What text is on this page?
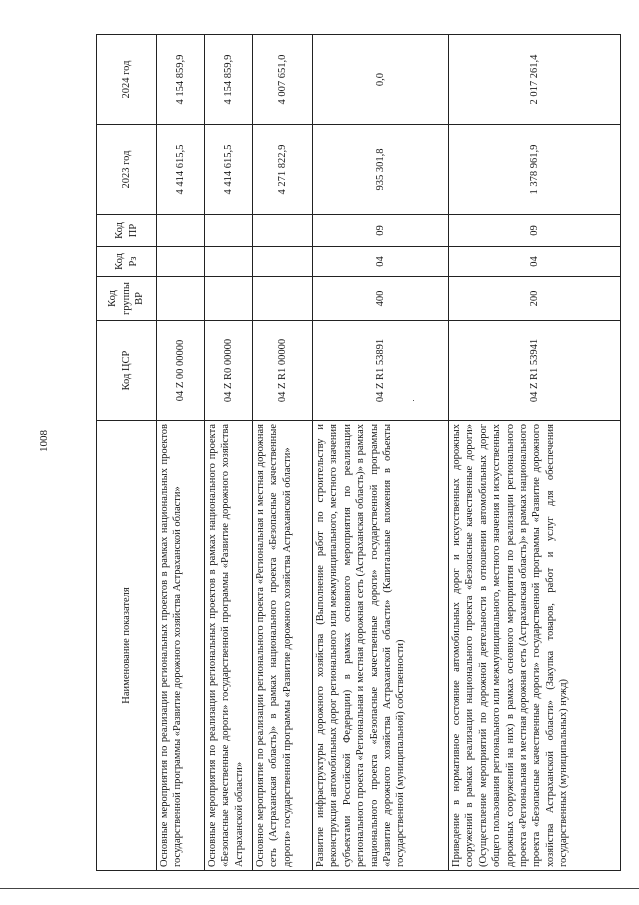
1008
Наименование показателя	Код ЦСР	Код группы ВР	Код Рз	Код ПР	2023 год	2024 год
Основные мероприятия по реализации региональных проектов в рамках национальных проектов государственной программы «Развитие дорожного хозяйства Астраханской области»	04 Z 00 00000				4 414 615,5	4 154 859,9
Основные мероприятия по реализации региональных проектов в рамках национального проекта «Безопасные качественные дороги» государственной программы «Развитие дорожного хозяйства Астраханской области»	04 Z R0 00000				4 414 615,5	4 154 859,9
Основное мероприятие по реализации регионального проекта «Региональная и местная дорожная сеть (Астраханская область)» в рамках национального проекта «Безопасные качественные дороги» государственной программы «Развитие дорожного хозяйства Астраханской области»	04 Z R1 00000				4 271 822,9	4 007 651,0
Развитие инфраструктуры дорожного хозяйства (Выполнение работ по строительству и реконструкции автомобильных дорог регионального или межмуниципального, местного значения субъектами Российской Федерации) в рамках основного мероприятия по реализации регионального проекта «Региональная и местная дорожная сеть (Астраханская область)» в рамках национального проекта «Безопасные качественные дороги» государственной программы «Развитие дорожного хозяйства Астраханской области» (Капитальные вложения в объекты государственной (муниципальной) собственности)	04 Z R1 53891	400	04	09	935 301,8	0,0
Приведение в нормативное состояние автомобильных дорог и искусственных дорожных сооружений в рамках реализации национального проекта «Безопасные качественные дороги» (Осуществление мероприятий по дорожной деятельности в отношении автомобильных дорог общего пользования регионального или межмуниципального, местного значения и искусственных дорожных сооружений на них) в рамках основного мероприятия по реализации регионального проекта «Региональная и местная дорожная сеть (Астраханская область)» в рамках национального проекта «Безопасные качественные дороги» государственной программы «Развитие дорожного хозяйства Астраханской области» (Закупка товаров, работ и услуг для обеспечения государственных (муниципальных) нужд)	04 Z R1 53941	200	04	09	1 378 961,9	2 017 261,4
